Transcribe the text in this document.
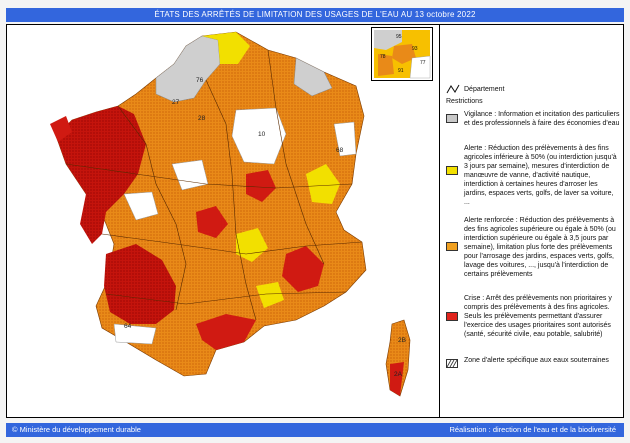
ÉTATS DES ARRÊTÉS DE LIMITATION DES USAGES DE L'EAU AU 13 octobre 2022
27
76
28
10
68
64
2A
2B
95
93
77
78
91
Département
Restrictions
Vigilance : Information et incitation des particuliers et des professionnels à faire des économies d'eau
Alerte : Réduction des prélèvements à des fins agricoles inférieure à 50% (ou interdiction jusqu'à 3 jours par semaine), mesures d'interdiction de manœuvre de vanne, d'activité nautique, interdiction à certaines heures d'arroser les jardins, espaces verts, golfs, de laver sa voiture, ...
Alerte renforcée : Réduction des prélèvements à des fins agricoles supérieure ou égale à 50% (ou interdiction supérieure ou égale à 3,5 jours par semaine), limitation plus forte des prélèvements pour l'arrosage des jardins, espaces verts, golfs, lavage des voitures, ..., jusqu'à l'interdiction de certains prélèvements
Crise : Arrêt des prélèvements non prioritaires y compris des prélèvements à des fins agricoles. Seuls les prélèvements permettant d'assurer l'exercice des usages prioritaires sont autorisés (santé, sécurité civile, eau potable, salubrité)
Zone d'alerte spécifique aux eaux souterraines
© Ministère du développement durable	Réalisation : direction de l'eau et de la biodiversité
